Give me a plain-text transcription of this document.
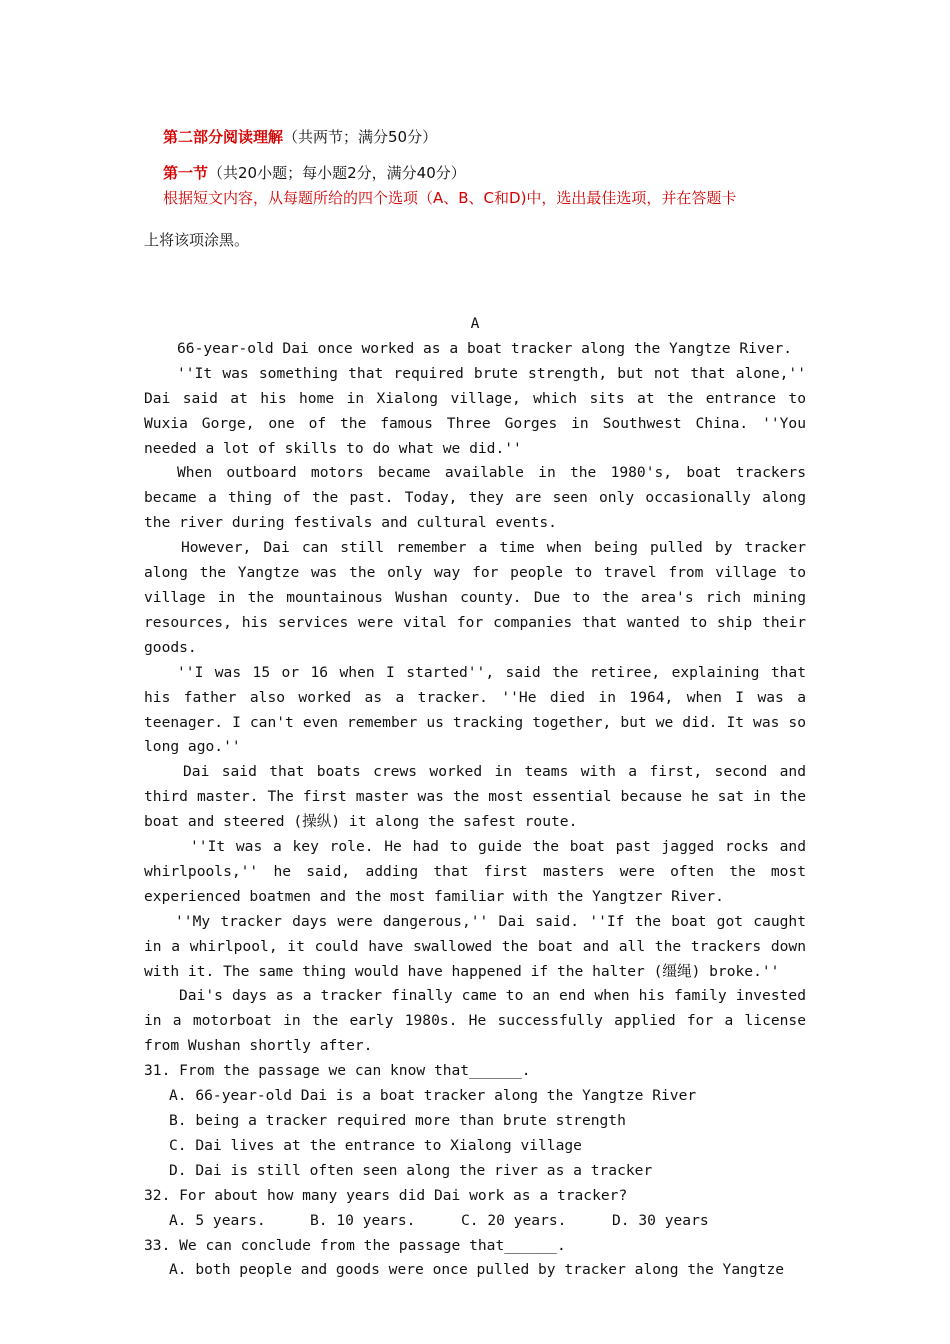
第二部分阅读理解（共两节；满分50分）
第一节（共20小题；每小题2分，满分40分）
根据短文内容，从每题所给的四个选项（A、B、C和D)中，选出最佳选项，并在答题卡
上将该项涂黑。

A

66-year-old Dai once worked as a boat tracker along the Yangtze River.

''It was something that required brute strength, but not that alone,'' Dai said at his home in Xialong village, which sits at the entrance to Wuxia Gorge, one of the famous Three Gorges in Southwest China. ''You needed a lot of skills to do what we did.''

When outboard motors became available in the 1980's, boat trackers became a thing of the past. Today, they are seen only occasionally along the river during festivals and cultural events.

However, Dai can still remember a time when being pulled by tracker along the Yangtze was the only way for people to travel from village to village in the mountainous Wushan county. Due to the area's rich mining resources, his services were vital for companies that wanted to ship their goods.

''I was 15 or 16 when I started'', said the retiree, explaining that his father also worked as a tracker. ''He died in 1964, when I was a teenager. I can't even remember us tracking together, but we did. It was so long ago.''

Dai said that boats crews worked in teams with a first, second and third master. The first master was the most essential because he sat in the boat and steered (操纵) it along the safest route.

''It was a key role. He had to guide the boat past jagged rocks and whirlpools,'' he said, adding that first masters were often the most experienced boatmen and the most familiar with the Yangtzer River.

''My tracker days were dangerous,'' Dai said. ''If the boat got caught in a whirlpool, it could have swallowed the boat and all the trackers down with it. The same thing would have happened if the halter (缰绳) broke.''

Dai's days as a tracker finally came to an end when his family invested in a motorboat in the early 1980s. He successfully applied for a license from Wushan shortly after.

31. From the passage we can know that______.

A. 66-year-old Dai is a boat tracker along the Yangtze River

B. being a tracker required more than brute strength

C. Dai lives at the entrance to Xialong village

D. Dai is still often seen along the river as a tracker

32. For about how many years did Dai work as a tracker?

A. 5 years.	B. 10 years.	C. 20 years.	D. 30 years

33. We can conclude from the passage that______.

A. both people and goods were once pulled by tracker along the Yangtze
